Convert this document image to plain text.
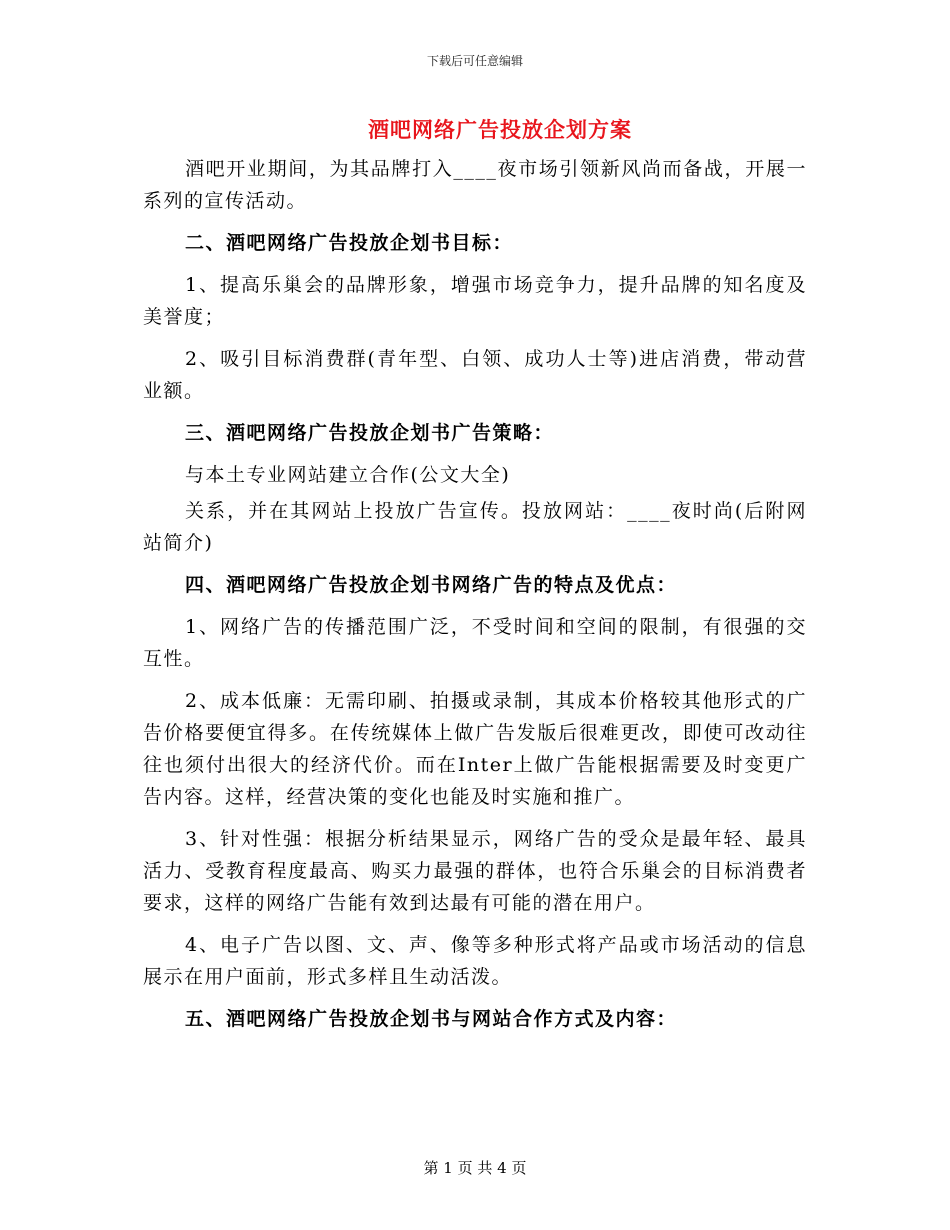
下载后可任意编辑
酒吧网络广告投放企划方案

酒吧开业期间，为其品牌打入____夜市场引领新风尚而备战，开展一系列的宣传活动。

二、酒吧网络广告投放企划书目标：

1、提高乐巢会的品牌形象，增强市场竞争力，提升品牌的知名度及美誉度；

2、吸引目标消费群(青年型、白领、成功人士等)进店消费，带动营业额。

三、酒吧网络广告投放企划书广告策略：

与本土专业网站建立合作(公文大全)

关系，并在其网站上投放广告宣传。投放网站：____夜时尚(后附网站简介)

四、酒吧网络广告投放企划书网络广告的特点及优点：

1、网络广告的传播范围广泛，不受时间和空间的限制，有很强的交互性。

2、成本低廉：无需印刷、拍摄或录制，其成本价格较其他形式的广告价格要便宜得多。在传统媒体上做广告发版后很难更改，即使可改动往往也须付出很大的经济代价。而在Inter上做广告能根据需要及时变更广告内容。这样，经营决策的变化也能及时实施和推广。

3、针对性强：根据分析结果显示，网络广告的受众是最年轻、最具活力、受教育程度最高、购买力最强的群体，也符合乐巢会的目标消费者要求，这样的网络广告能有效到达最有可能的潜在用户。

4、电子广告以图、文、声、像等多种形式将产品或市场活动的信息展示在用户面前，形式多样且生动活泼。

五、酒吧网络广告投放企划书与网站合作方式及内容：

第 1 页 共 4 页
